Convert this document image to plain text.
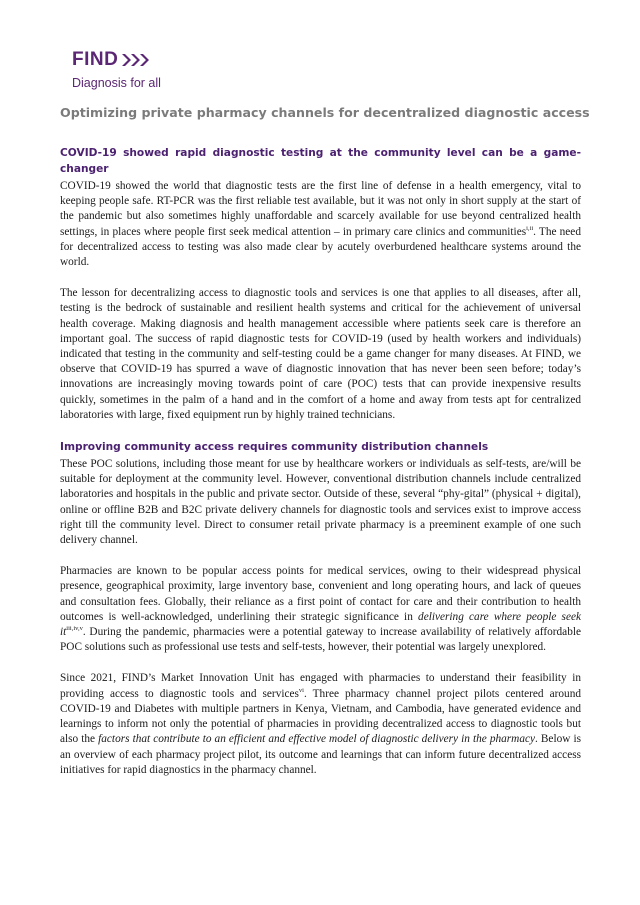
FIND
Diagnosis for all
Optimizing private pharmacy channels for decentralized diagnostic access
COVID-19 showed rapid diagnostic testing at the community level can be a game-changer

COVID-19 showed the world that diagnostic tests are the first line of defense in a health emergency, vital to keeping people safe. RT-PCR was the first reliable test available, but it was not only in short supply at the start of the pandemic but also sometimes highly unaffordable and scarcely available for use beyond centralized health settings, in places where people first seek medical attention – in primary care clinics and communities$^{i,ii}$. The need for decentralized access to testing was also made clear by acutely overburdened healthcare systems around the world.

The lesson for decentralizing access to diagnostic tools and services is one that applies to all diseases, after all, testing is the bedrock of sustainable and resilient health systems and critical for the achievement of universal health coverage. Making diagnosis and health management accessible where patients seek care is therefore an important goal. The success of rapid diagnostic tests for COVID-19 (used by health workers and individuals) indicated that testing in the community and self-testing could be a game changer for many diseases. At FIND, we observe that COVID-19 has spurred a wave of diagnostic innovation that has never been seen before; today’s innovations are increasingly moving towards point of care (POC) tests that can provide inexpensive results quickly, sometimes in the palm of a hand and in the comfort of a home and away from tests apt for centralized laboratories with large, fixed equipment run by highly trained technicians.

Improving community access requires community distribution channels

These POC solutions, including those meant for use by healthcare workers or individuals as self-tests, are/will be suitable for deployment at the community level. However, conventional distribution channels include centralized laboratories and hospitals in the public and private sector. Outside of these, several “phy-gital” (physical + digital), online or offline B2B and B2C private delivery channels for diagnostic tools and services exist to improve access right till the community level. Direct to consumer retail private pharmacy is a preeminent example of one such delivery channel.

Pharmacies are known to be popular access points for medical services, owing to their widespread physical presence, geographical proximity, large inventory base, convenient and long operating hours, and lack of queues and consultation fees. Globally, their reliance as a first point of contact for care and their contribution to health outcomes is well-acknowledged, underlining their strategic significance in delivering care where people seek $it^{iii,iv,v}$. During the pandemic, pharmacies were a potential gateway to increase availability of relatively affordable POC solutions such as professional use tests and self-tests, however, their potential was largely unexplored.

Since 2021, FIND’s Market Innovation Unit has engaged with pharmacies to understand their feasibility in providing access to diagnostic tools and services$^{vi}$. Three pharmacy channel project pilots centered around COVID-19 and Diabetes with multiple partners in Kenya, Vietnam, and Cambodia, have generated evidence and learnings to inform not only the potential of pharmacies in providing decentralized access to diagnostic tools but also the factors that contribute to an efficient and effective model of diagnostic delivery in the pharmacy. Below is an overview of each pharmacy project pilot, its outcome and learnings that can inform future decentralized access initiatives for rapid diagnostics in the pharmacy channel.
